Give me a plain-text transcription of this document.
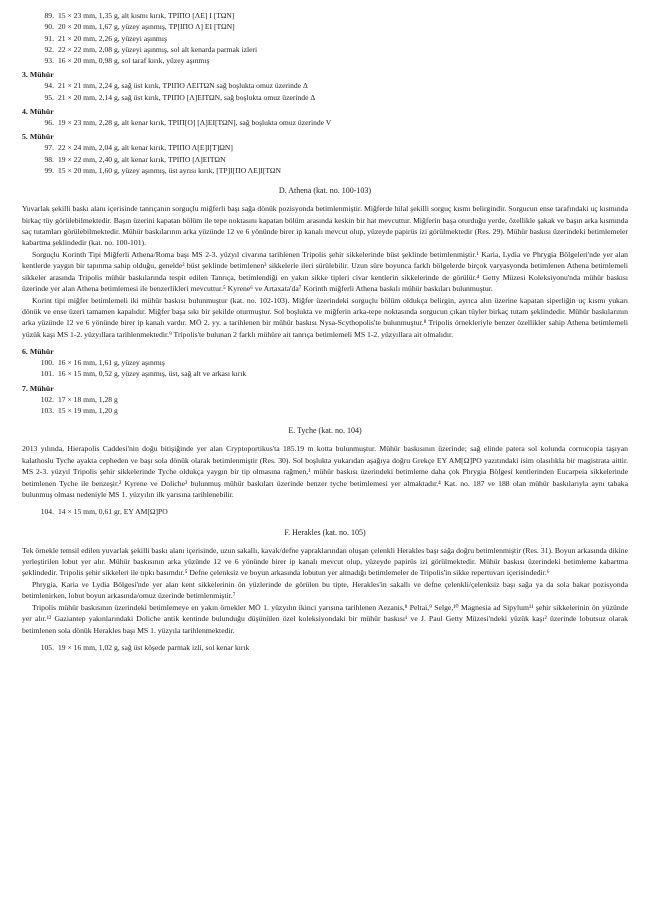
89. 15 × 23 mm, 1,35 g, alt kısmı kırık, ΤΡΙΠΟ [ΛΕ] Ι [ΤΩΝ]
90. 20 × 20 mm, 1,67 g, yüzey aşınmış, ΤΡ[ΙΠΟ Λ] ΕΙ [ΤΩΝ]
91. 21 × 20 mm, 2,26 g, yüzeyi aşınmış
92. 22 × 22 mm, 2,08 g, yüzeyi aşınmış, sol alt kenarda parmak izleri
93. 16 × 20 mm, 0,98 g, sol taraf kırık, yüzey aşınmış
3. Mühür
94. 21 × 21 mm, 2,24 g, sağ üst kırık, ΤΡΙΠΟ ΛΕΙΤΩΝ sağ boşlukta omuz üzerinde Δ
95. 21 × 20 mm, 2,14 g, sağ üst kırık, ΤΡΙΠΟ [Λ]ΕΙΤΩΝ, sağ boşlukta omuz üzerinde Δ
4. Mühür
96. 19 × 23 mm, 2,28 g, alt kenar kırık, ΤΡΙΠ[Ο] [Λ]ΕΙ[ΤΩΝ], sağ boşlukta omuz üzerinde V
5. Mühür
97. 22 × 24 mm, 2,04 g, alt kenar kırık, ΤΡΙΠΟ Λ[Ε]Ι[Τ]ΩΝ]
98. 19 × 22 mm, 2,40 g, alt kenar kırık, ΤΡΙΠΟ [Λ]ΕΙΤΩΝ
99. 15 × 20 mm, 1,60 g, yüzey aşınmış, üst ayrısı kırık, [ΤΡ]Ι[ΠΟ ΛΕ]Ι[ΤΩΝ
D. Athena (kat. no. 100-103)

Yuvarlak şekilli baskı alanı içerisinde tanrıçanın sorguçlu miğferli başı sağa dönük pozisyonda betimlenmiştir. Miğferde hilal şekilli sorguç kısmı belirgindir. Sorgucun ense tarafındaki uç kısmında birkaç tüy görülebilmektedir. Başın üzerini kapatan bölüm ile tepe noktasını kapatan bölüm arasında keskin bir hat mevcuttur. Miğferin başa oturduğu yerde, özellikle şakak ve başın arka kısmında saç tutamları görülebilmektedir. Mühür baskılarının arka yüzünde 12 ve 6 yönünde birer ip kanalı mevcut olup, yüzeyde papirüs izi görülmektedir (Res. 29). Mühür baskısı üzerindeki betimlemeler kabartma şeklindedir (kat. no. 100-101).

Sorguçlu Korinth Tipi Miğferli Athena/Roma başı MS 2-3. yüzyıl civarına tarihlenen Tripolis şehir sikkelerinde büst şeklinde betimlenmiştir.¹ Karia, Lydia ve Phrygia Bölgeleri'nde yer alan kentlerde yaygın bir tapınma sahip olduğu, genelde² büst şeklinde betimlenen³ sikkelerle ileri sürülebilir. Uzun süre boyunca farklı bölgelerde birçok varyasyonda betimlenen Athena betimlemeli sikkeler arasında Tripolis mühür baskılarında tespit edilen Tanrıça, betimlendiği en yakın sikke tipleri civar kentlerin sikkelerinde de görülür.⁴ Getty Müzesi Koleksiyonu'nda mühür baskısı üzerinde yer alan Athena betimlemesi ile benzerlikleri mevcuttur.⁵ Kyrene⁶ ve Artaxata'da⁷ Korinth miğferli Athena baskılı mühür baskıları bulunmuştur.

Korint tipi miğfer betimlemeli iki mühür baskısı bulunmuştur (kat. no. 102-103). Miğfer üzerindeki sorguçlu bölüm oldukça belirgin, ayrıca alın üzerine kapatan siperliğin uç kısmı yukarı dönük ve ense üzeri tamamen kapalıdır. Miğfer başa sıkı bir şekilde oturmuştur. Sol boşlukta ve miğferin arka-tepe noktasında sorgucun çıkan tüyler birkaç tutam şeklindedir. Mühür baskılarının arka yüzünde 12 ve 6 yönünde birer ip kanalı vardır. MÖ 2. yy. a tarihlenen bir mühür baskısı Nysa-Scythopolis'te bulunmuştur.⁸ Tripolis örnekleriyle benzer özellikler sahip Athena betimlemeli yüzük kaşı MS 1-2. yüzyıllara tarihlenmektedir.⁹ Tripolis'te bulunan 2 farklı mühüre ait tanrıça betimlemeli MS 1-2. yüzyıllara ait olmalıdır.

6. Mühür
100. 16 × 16 mm, 1,61 g, yüzey aşınmış
101. 16 × 15 mm, 0,52 g, yüzey aşınmış, üst, sağ alt ve arkası kırık
7. Mühür
102. 17 × 18 mm, 1,28 g
103. 15 × 19 mm, 1,20 g
E. Tyche (kat. no. 104)

2013 yılında, Hierapolis Caddesi'nin doğu bitişiğinde yer alan Cryptoportikus'ta 185.19 m kotta bulunmuştur. Mühür baskısının üzerinde; sağ elinde patera sol kolunda cornucopia taşıyan kalathoslu Tyche ayakta cepheden ve başı sola dönük olarak betimlenmiştir (Res. 30). Sol boşlukta yukarıdan aşağıya doğru Grekçe ΕΥ ΑΜ[Ω]ΡΟ yazıtındaki isim olasılıkla bir magistrata aittir. MS 2-3. yüzyıl Tripolis şehir sikkelerinde Tyche oldukça yaygın bir tip olmasına rağmen,¹ mühür baskısı üzerindeki betimleme daha çok Phrygia Bölgesi kentlerinden Eucarpeia sikkelerinde betimlenen Tyche ile benzeşir.² Kyrene ve Doliche³ bulunmuş mühür baskıları üzerinde benzer tyche betimlemesi yer almaktadır.⁴ Kat. no. 187 ve 188 olan mühür baskılarıyla aynı tabaka bulunmuş olması nedeniyle MS 1. yüzyılın ilk yarısına tarihlenebilir.

104. 14 × 15 mm, 0,61 gr, ΕΥ ΑΜ[Ω]ΡΟ
F. Herakles (kat. no. 105)

Tek örnekle temsil edilen yuvarlak şekilli baskı alanı içerisinde, uzun sakallı, kavak/defne yapraklarından oluşan çelenkli Herakles başı sağa doğru betimlenmiştir (Res. 31). Boyun arkasında dikine yerleştirilen lobut yer alır. Mühür baskısının arka yüzünde 12 ve 6 yönünde birer ip kanalı mevcut olup, yüzeyde papirüs izi görülmektedir. Mühür baskısı üzerindeki betimleme kabartma şeklindedir. Tripolis şehir sikkeleri ile tıpkı basımdır.⁵ Defne çelenksiz ve boyun arkasında lobutun yer almadığı betimlemeler de Tripolis'in sikke repertuvarı içerisindedir.⁶

Phrygia, Karia ve Lydia Bölgesi'nde yer alan kent sikkelerinin ön yüzlerinde de görülen bu tipte, Herakles'in sakallı ve defne çelenkli/çelenksiz başı sağa ya da sola bakar pozisyonda betimlenirken, lobut boyun arkasında/omuz üzerinde betimlenmiştir.⁷

Tripolis mühür baskısının üzerindeki betimlemeye en yakın örnekler MÖ 1. yüzyılın ikinci yarısına tarihlenen Aezanis,⁸ Peltai,⁹ Selge,¹⁰ Magnesia ad Sipylum¹¹ şehir sikkelerinin ön yüzünde yer alır.¹² Gaziantep yakınlarındaki Doliche antik kentinde bulunduğu düşünülen özel koleksiyondaki bir mühür baskısı¹ ve J. Paul Getty Müzesi'ndeki yüzük kaşı² üzerinde lobutsuz olarak betimlenen sola dönük Herakles başı MS 1. yüzyıla tarihlenmektedir.

105. 19 × 16 mm, 1,02 g, sağ üst köşede parmak izli, sol kenar kırık
